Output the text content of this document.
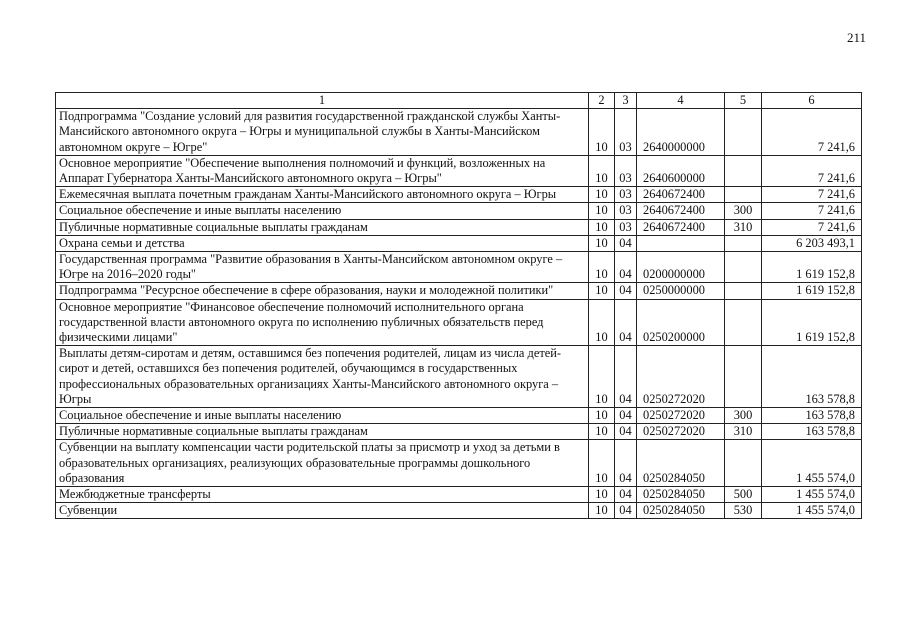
211
1	2	3	4	5	6
Подпрограмма "Создание условий для развития государственной гражданской службы Ханты-Мансийского автономного округа – Югры и муниципальной службы в Ханты-Мансийском автономном округе – Югре"	10	03	2640000000		7 241,6
Основное мероприятие "Обеспечение выполнения полномочий и функций, возложенных на Аппарат Губернатора Ханты-Мансийского автономного округа – Югры"	10	03	2640600000		7 241,6
Ежемесячная выплата почетным гражданам Ханты-Мансийского автономного округа – Югры	10	03	2640672400		7 241,6
Социальное обеспечение и иные выплаты населению	10	03	2640672400	300	7 241,6
Публичные нормативные социальные выплаты гражданам	10	03	2640672400	310	7 241,6
Охрана семьи и детства	10	04			6 203 493,1
Государственная программа "Развитие образования в Ханты-Мансийском автономном округе – Югре на 2016–2020 годы"	10	04	0200000000		1 619 152,8
Подпрограмма "Ресурсное обеспечение в сфере образования, науки и молодежной политики"	10	04	0250000000		1 619 152,8
Основное мероприятие "Финансовое обеспечение полномочий исполнительного органа государственной власти автономного округа по исполнению публичных обязательств перед физическими лицами"	10	04	0250200000		1 619 152,8
Выплаты детям-сиротам и детям, оставшимся без попечения родителей, лицам из числа детей-сирот и детей, оставшихся без попечения родителей, обучающимся в государственных профессиональных образовательных организациях Ханты-Мансийского автономного округа – Югры	10	04	0250272020		163 578,8
Социальное обеспечение и иные выплаты населению	10	04	0250272020	300	163 578,8
Публичные нормативные социальные выплаты гражданам	10	04	0250272020	310	163 578,8
Субвенции на выплату компенсации части родительской платы за присмотр и уход за детьми в образовательных организациях, реализующих образовательные программы дошкольного образования	10	04	0250284050		1 455 574,0
Межбюджетные трансферты	10	04	0250284050	500	1 455 574,0
Субвенции	10	04	0250284050	530	1 455 574,0
